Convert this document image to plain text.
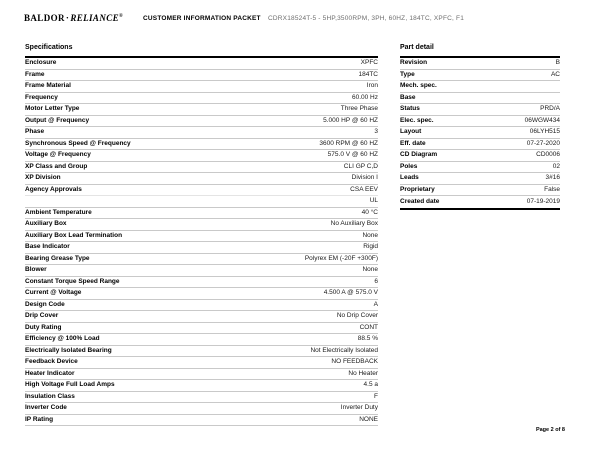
BALDOR·RELIANCE®	CUSTOMER INFORMATION PACKET CDRX18524T-5 - 5HP,3500RPM, 3PH, 60HZ, 184TC, XPFC, F1
Specifications
Enclosure	XPFC
Frame	184TC
Frame Material	Iron
Frequency	60.00 Hz
Motor Letter Type	Three Phase
Output @ Frequency	5.000 HP @ 60 HZ
Phase	3
Synchronous Speed @ Frequency	3600 RPM @ 60 HZ
Voltage @ Frequency	575.0 V @ 60 HZ
XP Class and Group	CLI GP C,D
XP Division	Division I
Agency Approvals	CSA EEV
UL
Ambient Temperature	40 °C
Auxiliary Box	No Auxiliary Box
Auxiliary Box Lead Termination	None
Base Indicator	Rigid
Bearing Grease Type	Polyrex EM (-20F +300F)
Blower	None
Constant Torque Speed Range	6
Current @ Voltage	4.500 A @ 575.0 V
Design Code	A
Drip Cover	No Drip Cover
Duty Rating	CONT
Efficiency @ 100% Load	88.5 %
Electrically Isolated Bearing	Not Electrically Isolated
Feedback Device	NO FEEDBACK
Heater Indicator	No Heater
High Voltage Full Load Amps	4.5 a
Insulation Class	F
Inverter Code	Inverter Duty
IP Rating	NONE
Part detail
Revision	B
Type	AC
Mech. spec.
Base
Status	PRD/A
Elec. spec.	06WGW434
Layout	06LYH515
Eff. date	07-27-2020
CD Diagram	CD0006
Poles	02
Leads	3#16
Proprietary	False
Created date	07-19-2019
Page 2 of 8
